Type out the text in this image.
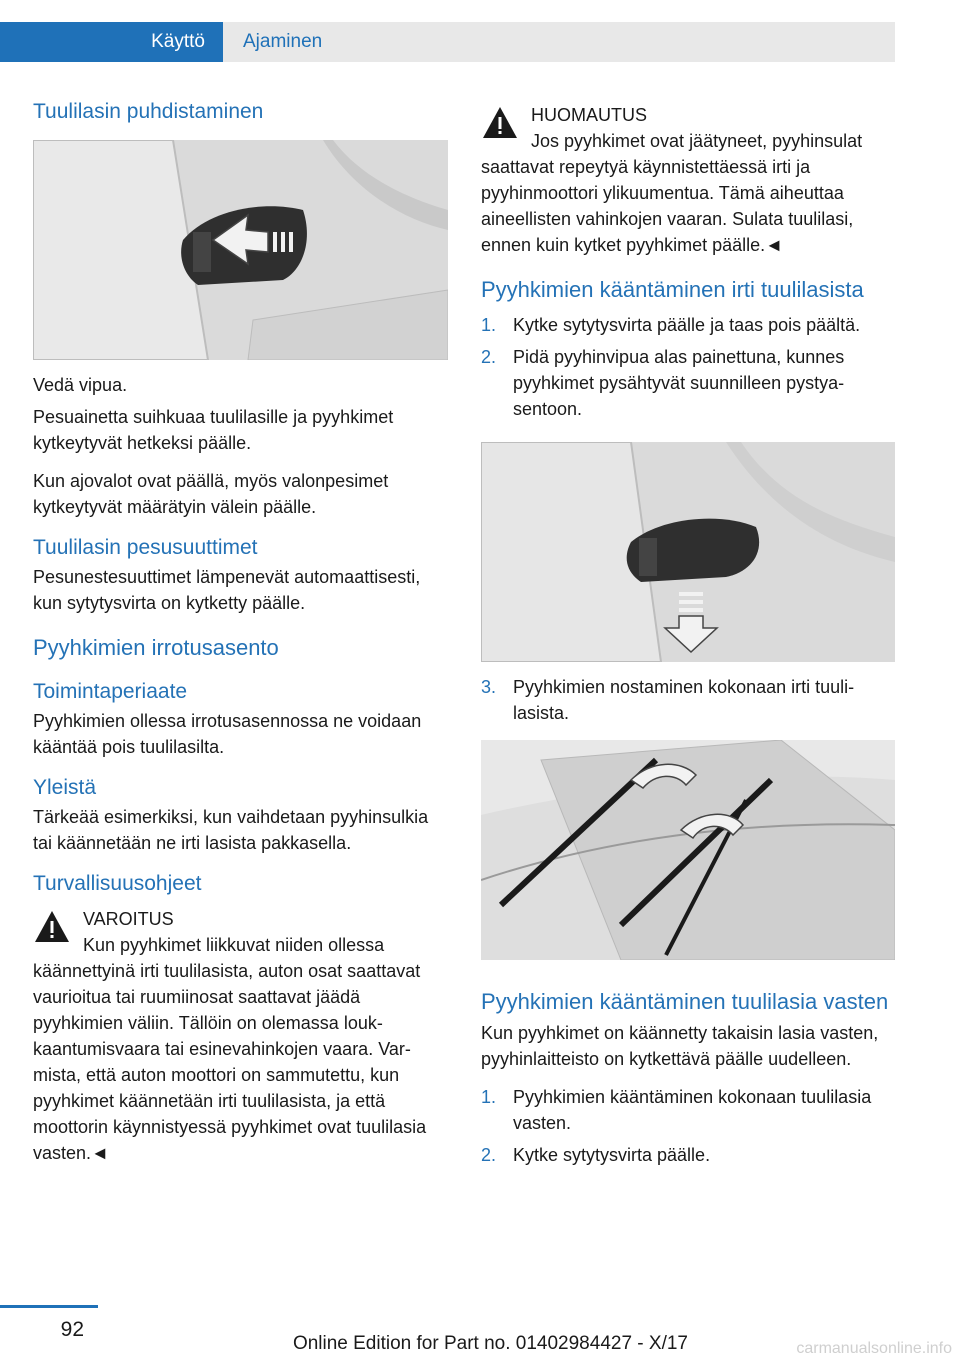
Käyttö	Ajaminen
Tuulilasin puhdistaminen

Vedä vipua.

Pesuainetta suihkuaa tuulilasille ja pyyhkimet kytkeytyvät hetkeksi päälle.

Kun ajovalot ovat päällä, myös valonpesimet kytkeytyvät määrätyin välein päälle.

Tuulilasin pesusuuttimet

Pesunestesuuttimet lämpenevät automaattisesti, kun sytytysvirta on kytketty päälle.

Pyyhkimien irrotusasento
Toimintaperiaate

Pyyhkimien ollessa irrotusasennossa ne voidaan kääntää pois tuulilasilta.

Yleistä

Tärkeää esimerkiksi, kun vaihdetaan pyyhinsulkia tai käännetään ne irti lasista pakkasella.

Turvallisuusohjeet

VAROITUS

Kun pyyhkimet liikkuvat niiden ollessa käännettyinä irti tuulilasista, auton osat saattavat vaurioitua tai ruumiinosat saattavat jäädä pyyhkimien väliin. Tällöin on olemassa loukkaantumisvaara tai esinevahinkojen vaara. Varmista, että auton moottori on sammutettu, kun pyyhkimet käännetään irti tuulilasista, ja että moottorin käynnistyessä pyyhkimet ovat tuulilasia vasten.◄

HUOMAUTUS

Jos pyyhkimet ovat jäätyneet, pyyhinsulat saattavat repeytyä käynnistettäessä irti ja pyyhinmoottori ylikuumentua. Tämä aiheuttaa aineellisten vahinkojen vaaran. Sulata tuulilasi, ennen kuin kytket pyyhkimet päälle.◄

Pyyhkimien kääntäminen irti tuulilasista
1. Kytke sytytysvirta päälle ja taas pois päältä.
2. Pidä pyyhinvipua alas painettuna, kunnes pyyhkimet pysähtyvät suunnilleen pystyasentoon.
3. Pyyhkimien nostaminen kokonaan irti tuulilasista.
Pyyhkimien kääntäminen tuulilasia vasten

Kun pyyhkimet on käännetty takaisin lasia vasten, pyyhinlaitteisto on kytkettävä päälle uudelleen.

1. Pyyhkimien kääntäminen kokonaan tuulilasia vasten.
2. Kytke sytytysvirta päälle.
92
Online Edition for Part no. 01402984427 - X/17	carmanualsonline.info
